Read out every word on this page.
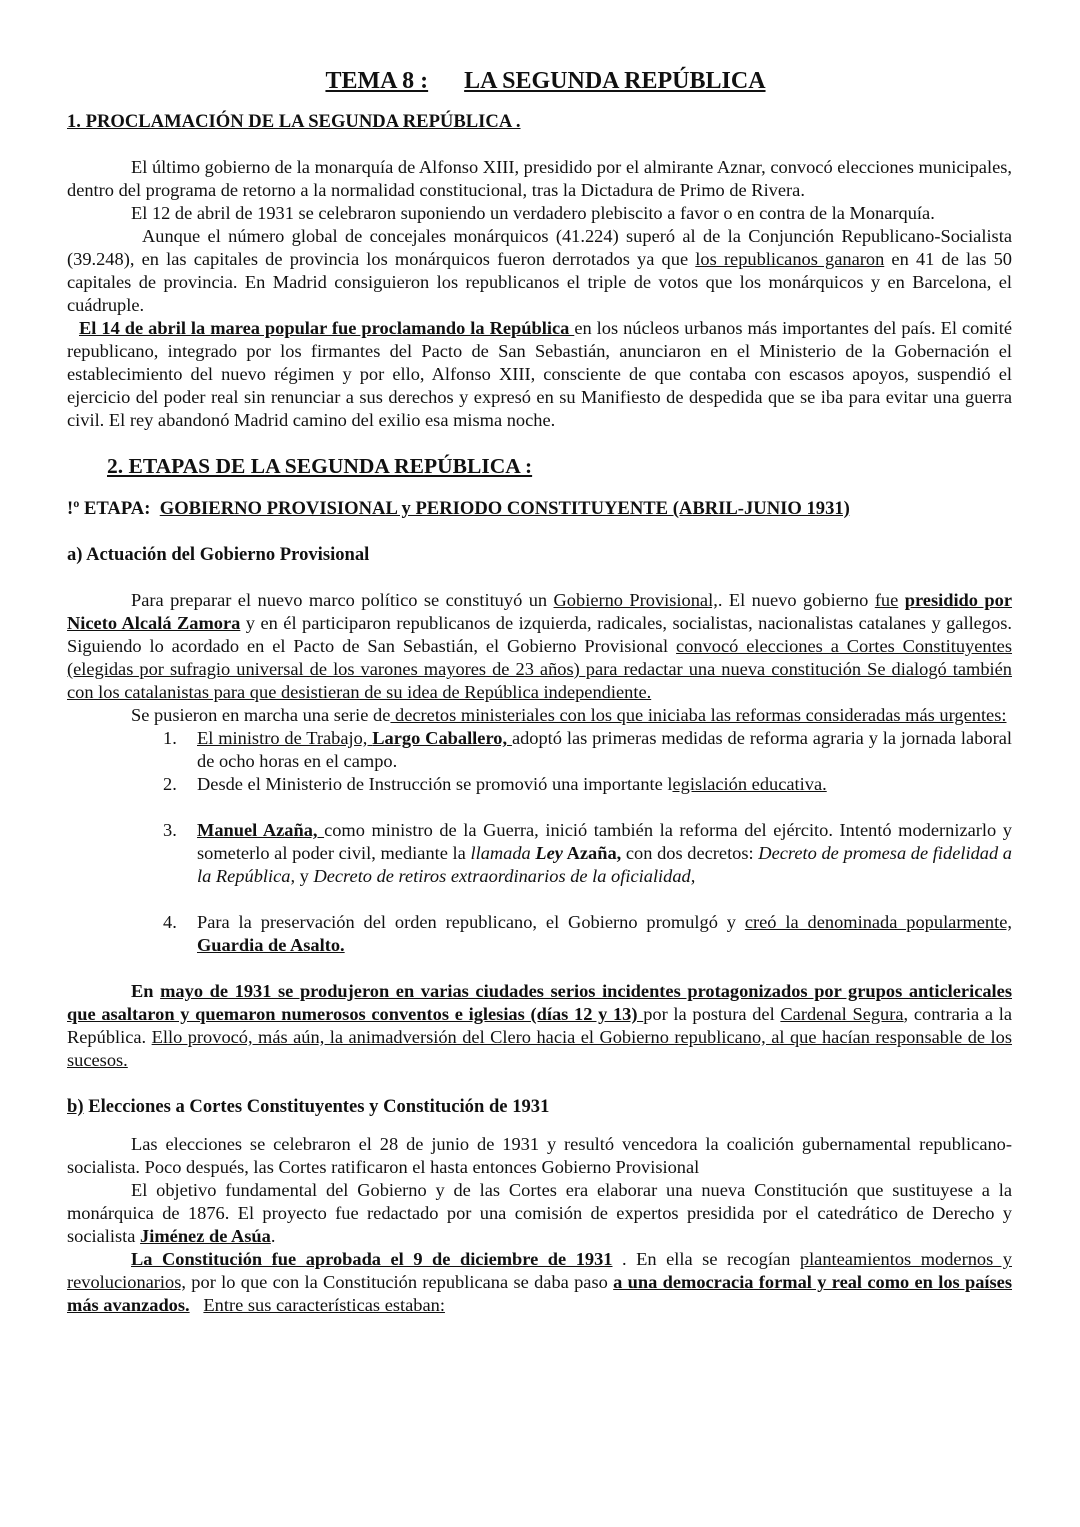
TEMA 8 : LA SEGUNDA REPÚBLICA
1. PROCLAMACIÓN DE LA SEGUNDA REPÚBLICA .

El último gobierno de la monarquía de Alfonso XIII, presidido por el almirante Aznar, convocó elecciones municipales, dentro del programa de retorno a la normalidad constitucional, tras la Dictadura de Primo de Rivera.

El 12 de abril de 1931 se celebraron suponiendo un verdadero plebiscito a favor o en contra de la Monarquía.

Aunque el número global de concejales monárquicos (41.224) superó al de la Conjunción Republicano-Socialista (39.248), en las capitales de provincia los monárquicos fueron derrotados ya que los republicanos ganaron en 41 de las 50 capitales de provincia. En Madrid consiguieron los republicanos el triple de votos que los monárquicos y en Barcelona, el cuádruple.

El 14 de abril la marea popular fue proclamando la República en los núcleos urbanos más importantes del país. El comité republicano, integrado por los firmantes del Pacto de San Sebastián, anunciaron en el Ministerio de la Gobernación el establecimiento del nuevo régimen y por ello, Alfonso XIII, consciente de que contaba con escasos apoyos, suspendió el ejercicio del poder real sin renunciar a sus derechos y expresó en su Manifiesto de despedida que se iba para evitar una guerra civil. El rey abandonó Madrid camino del exilio esa misma noche.

2. ETAPAS DE LA SEGUNDA REPÚBLICA :
!º ETAPA: GOBIERNO PROVISIONAL y PERIODO CONSTITUYENTE (ABRIL-JUNIO 1931)
a) Actuación del Gobierno Provisional

Para preparar el nuevo marco político se constituyó un Gobierno Provisional,. El nuevo gobierno fue presidido por Niceto Alcalá Zamora y en él participaron republicanos de izquierda, radicales, socialistas, nacionalistas catalanes y gallegos. Siguiendo lo acordado en el Pacto de San Sebastián, el Gobierno Provisional convocó elecciones a Cortes Constituyentes (elegidas por sufragio universal de los varones mayores de 23 años) para redactar una nueva constitución Se dialogó también con los catalanistas para que desistieran de su idea de República independiente.

Se pusieron en marcha una serie de decretos ministeriales con los que iniciaba las reformas consideradas más urgentes:

1. El ministro de Trabajo, Largo Caballero, adoptó las primeras medidas de reforma agraria y la jornada laboral de ocho horas en el campo.
2. Desde el Ministerio de Instrucción se promovió una importante legislación educativa.
3. Manuel Azaña, como ministro de la Guerra, inició también la reforma del ejército. Intentó modernizarlo y someterlo al poder civil, mediante la llamada Ley Azaña, con dos decretos: Decreto de promesa de fidelidad a la República, y Decreto de retiros extraordinarios de la oficialidad,
4. Para la preservación del orden republicano, el Gobierno promulgó y creó la denominada popularmente, Guardia de Asalto.

En mayo de 1931 se produjeron en varias ciudades serios incidentes protagonizados por grupos anticlericales que asaltaron y quemaron numerosos conventos e iglesias (días 12 y 13) por la postura del Cardenal Segura, contraria a la República. Ello provocó, más aún, la animadversión del Clero hacia el Gobierno republicano, al que hacían responsable de los sucesos.

b) Elecciones a Cortes Constituyentes y Constitución de 1931

Las elecciones se celebraron el 28 de junio de 1931 y resultó vencedora la coalición gubernamental republicano-socialista. Poco después, las Cortes ratificaron el hasta entonces Gobierno Provisional

El objetivo fundamental del Gobierno y de las Cortes era elaborar una nueva Constitución que sustituyese a la monárquica de 1876. El proyecto fue redactado por una comisión de expertos presidida por el catedrático de Derecho y socialista Jiménez de Asúa.

La Constitución fue aprobada el 9 de diciembre de 1931 . En ella se recogían planteamientos modernos y revolucionarios, por lo que con la Constitución republicana se daba paso a una democracia formal y real como en los países más avanzados. Entre sus características estaban:
